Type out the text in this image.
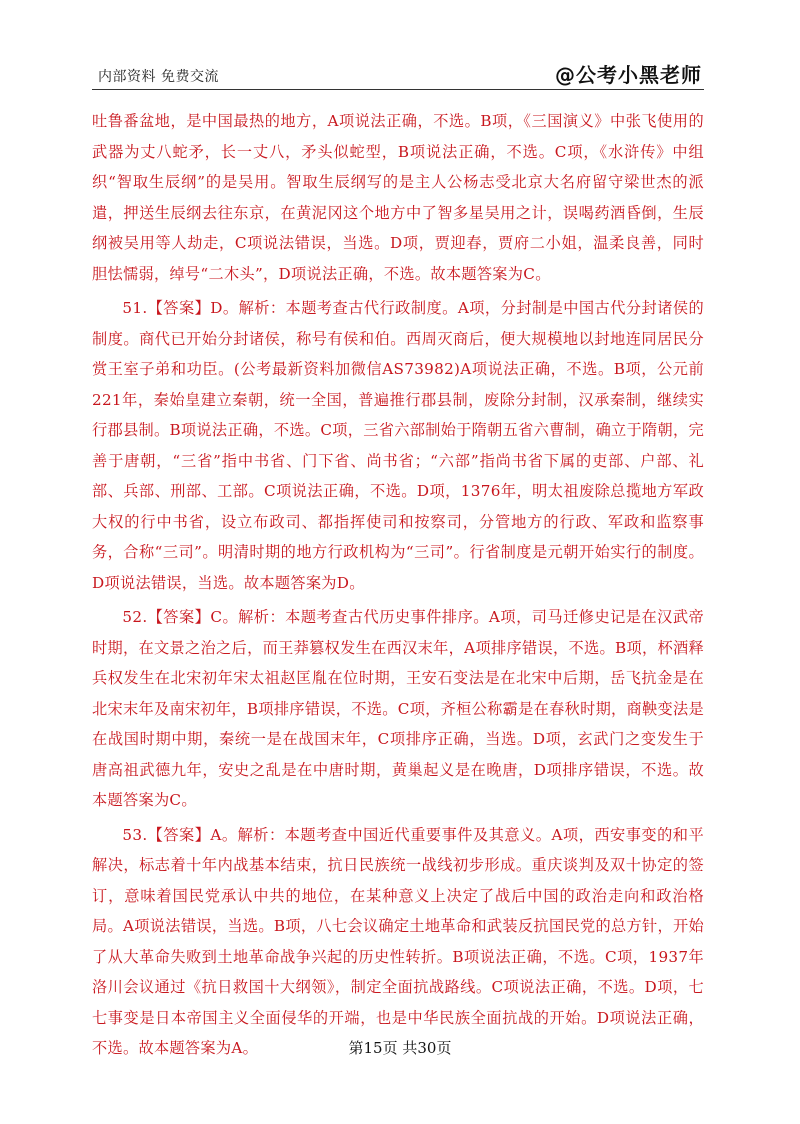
内部资料 免费交流	@公考小黑老师

吐鲁番盆地，是中国最热的地方，A项说法正确，不选。B项，《三国演义》中张飞使用的武器为丈八蛇矛，长一丈八，矛头似蛇型，B项说法正确，不选。C项，《水浒传》中组织“智取生辰纲”的是吴用。智取生辰纲写的是主人公杨志受北京大名府留守梁世杰的派遣，押送生辰纲去往东京，在黄泥冈这个地方中了智多星吴用之计，误喝药酒昏倒，生辰纲被吴用等人劫走，C项说法错误，当选。D项，贾迎春，贾府二小姐，温柔良善，同时胆怯懦弱，绰号“二木头”，D项说法正确，不选。故本题答案为C。

51.【答案】D。解析：本题考查古代行政制度。A项，分封制是中国古代分封诸侯的制度。商代已开始分封诸侯，称号有侯和伯。西周灭商后，便大规模地以封地连同居民分赏王室子弟和功臣。(公考最新资料加微信AS73982)A项说法正确，不选。B项，公元前221年，秦始皇建立秦朝，统一全国，普遍推行郡县制，废除分封制，汉承秦制，继续实行郡县制。B项说法正确，不选。C项，三省六部制始于隋朝五省六曹制，确立于隋朝，完善于唐朝，“三省”指中书省、门下省、尚书省；“六部”指尚书省下属的吏部、户部、礼部、兵部、刑部、工部。C项说法正确，不选。D项，1376年，明太祖废除总揽地方军政大权的行中书省，设立布政司、都指挥使司和按察司，分管地方的行政、军政和监察事务，合称“三司”。明清时期的地方行政机构为“三司”。行省制度是元朝开始实行的制度。D项说法错误，当选。故本题答案为D。

52.【答案】C。解析：本题考查古代历史事件排序。A项，司马迁修史记是在汉武帝时期，在文景之治之后，而王莽篡权发生在西汉末年，A项排序错误，不选。B项，杯酒释兵权发生在北宋初年宋太祖赵匡胤在位时期，王安石变法是在北宋中后期，岳飞抗金是在北宋末年及南宋初年，B项排序错误，不选。C项，齐桓公称霸是在春秋时期，商鞅变法是在战国时期中期，秦统一是在战国末年，C项排序正确，当选。D项，玄武门之变发生于唐高祖武德九年，安史之乱是在中唐时期，黄巢起义是在晚唐，D项排序错误，不选。故本题答案为C。

53.【答案】A。解析：本题考查中国近代重要事件及其意义。A项，西安事变的和平解决，标志着十年内战基本结束，抗日民族统一战线初步形成。重庆谈判及双十协定的签订，意味着国民党承认中共的地位，在某种意义上决定了战后中国的政治走向和政治格局。A项说法错误，当选。B项，八七会议确定土地革命和武装反抗国民党的总方针，开始了从大革命失败到土地革命战争兴起的历史性转折。B项说法正确，不选。C项，1937年洛川会议通过《抗日救国十大纲领》，制定全面抗战路线。C项说法正确，不选。D项，七七事变是日本帝国主义全面侵华的开端，也是中华民族全面抗战的开始。D项说法正确，不选。故本题答案为A。	第15页 共30页
